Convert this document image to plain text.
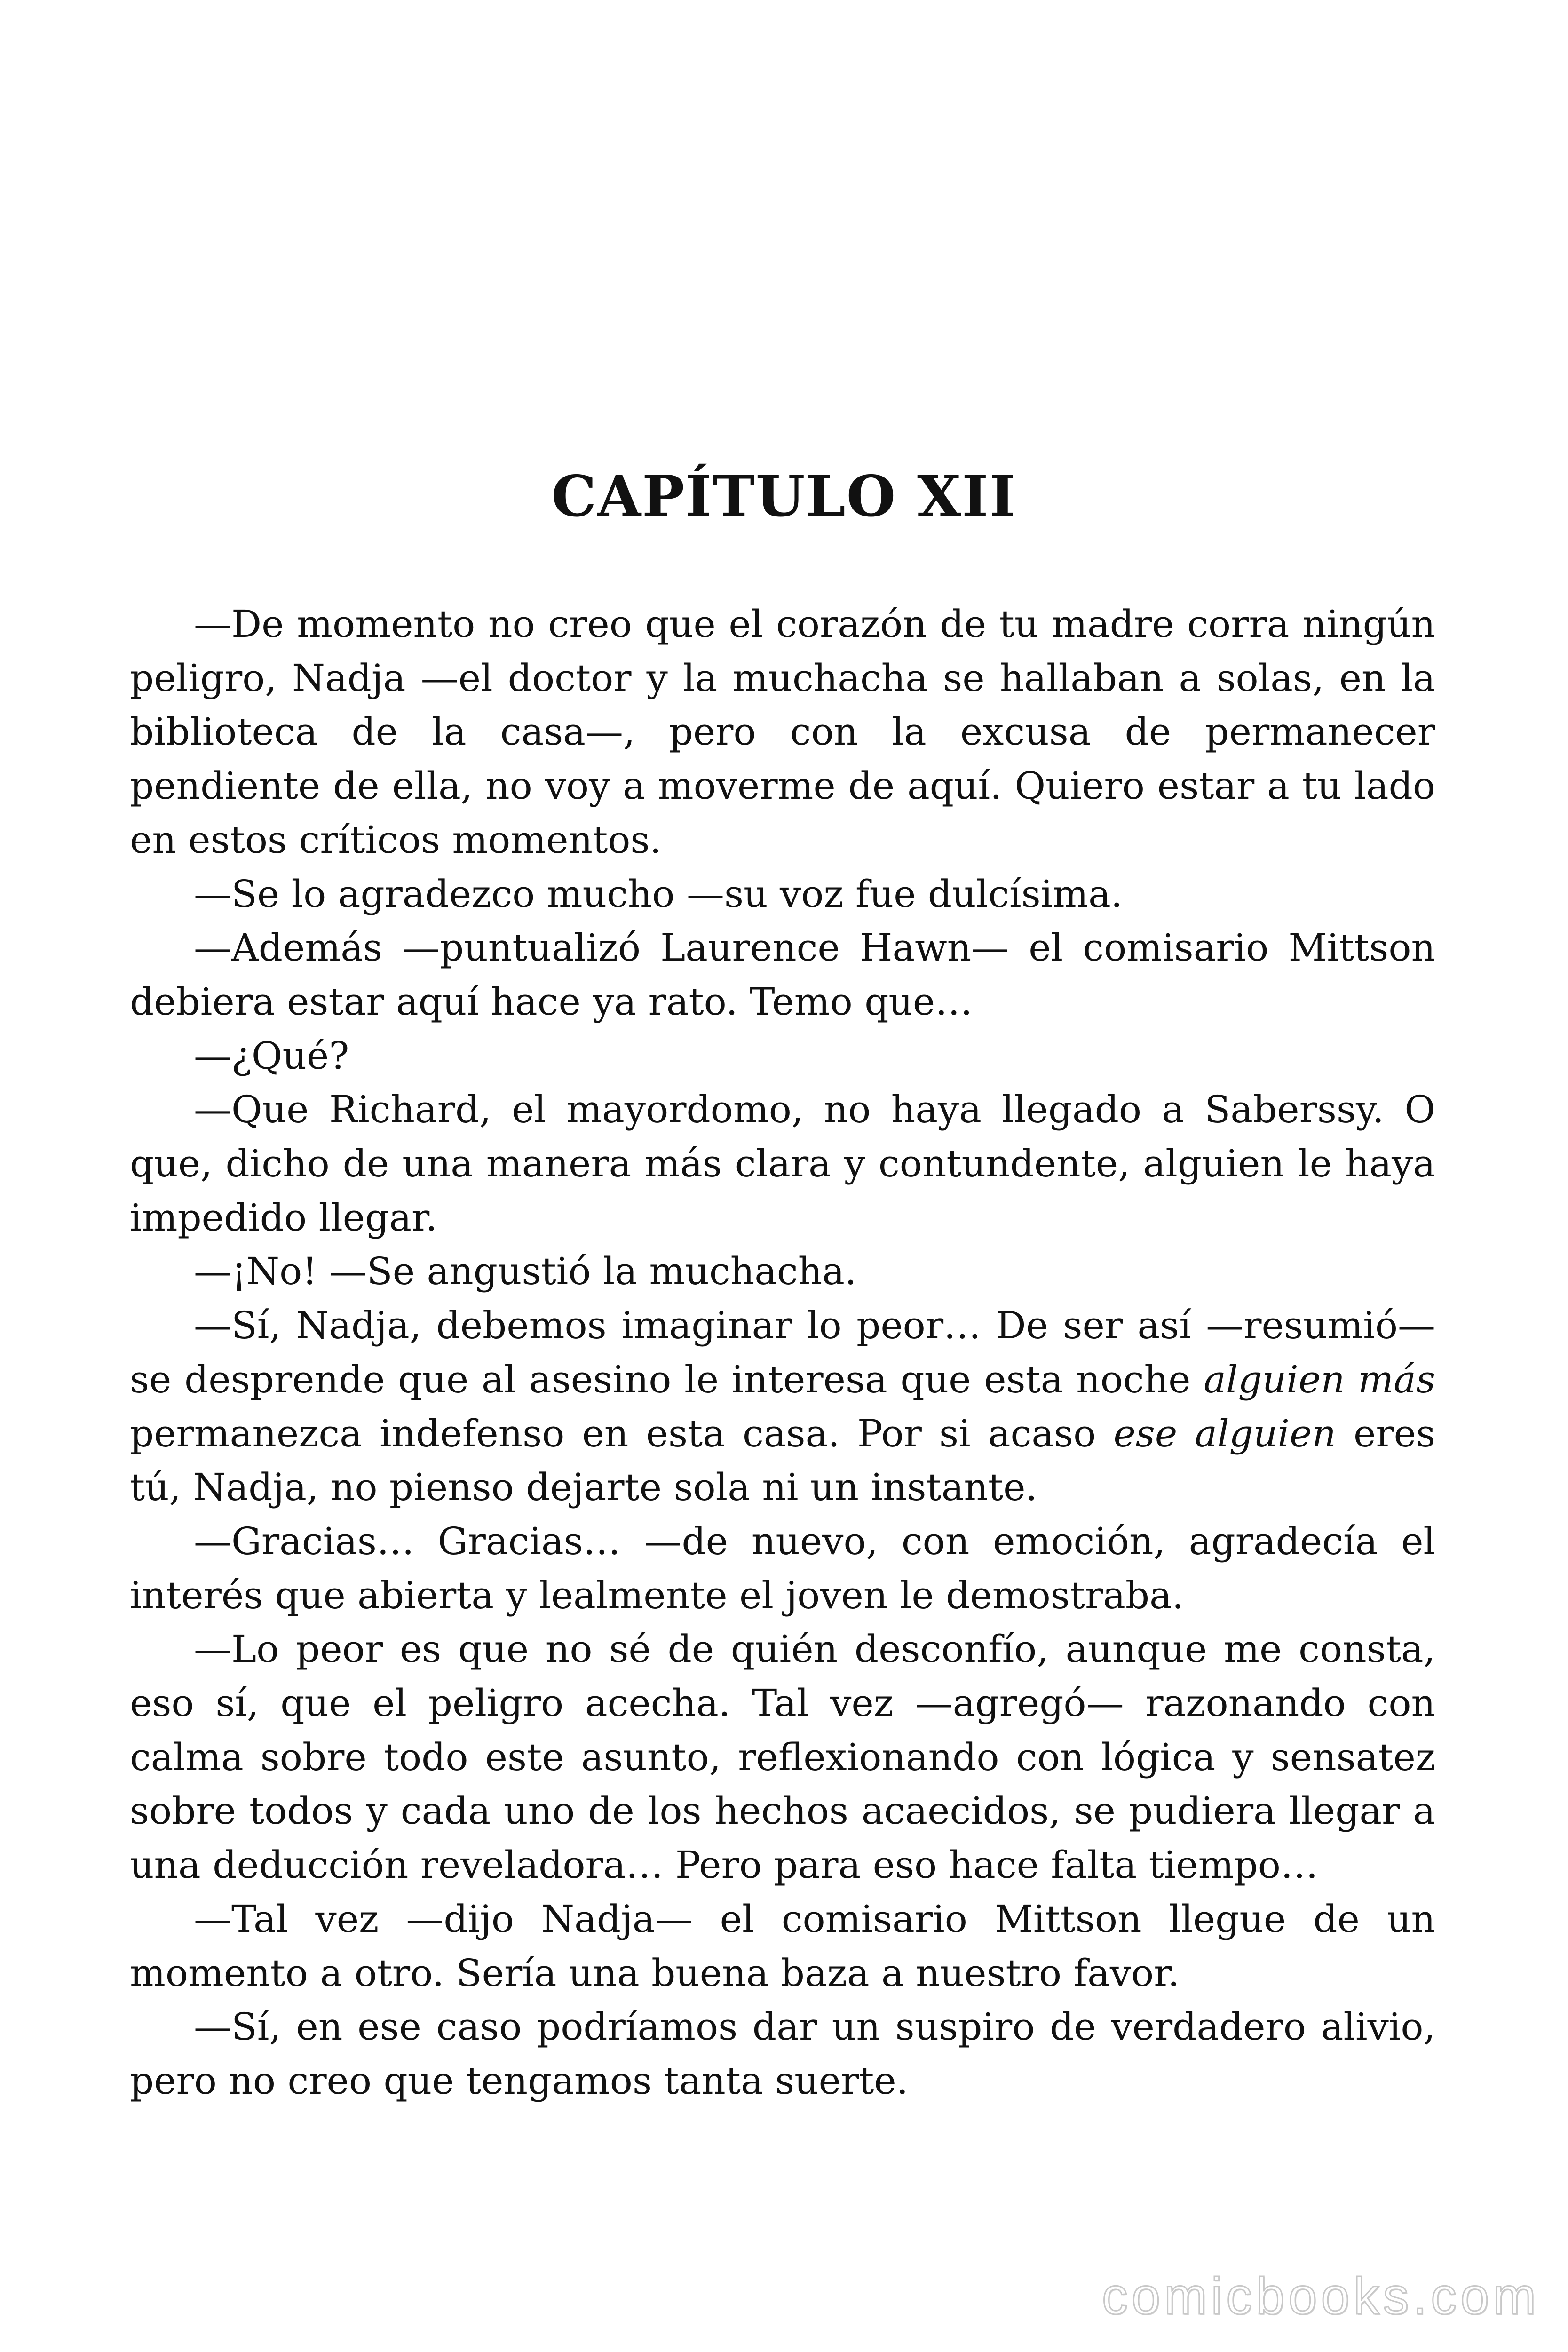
CAPÍTULO XII

—De momento no creo que el corazón de tu madre corra ningún peligro, Nadja —el doctor y la muchacha se hallaban a solas, en la biblioteca de la casa—, pero con la excusa de permanecer pendiente de ella, no voy a moverme de aquí. Quiero estar a tu lado en estos críticos momentos.

—Se lo agradezco mucho —su voz fue dulcísima.

—Además —puntualizó Laurence Hawn— el comisario Mittson debiera estar aquí hace ya rato. Temo que…

—¿Qué?

—Que Richard, el mayordomo, no haya llegado a Saberssy. O que, dicho de una manera más clara y contundente, alguien le haya impedido llegar.

—¡No! —Se angustió la muchacha.

—Sí, Nadja, debemos imaginar lo peor… De ser así —resumió— se desprende que al asesino le interesa que esta noche alguien más permanezca indefenso en esta casa. Por si acaso ese alguien eres tú, Nadja, no pienso dejarte sola ni un instante.

—Gracias… Gracias… —de nuevo, con emoción, agradecía el interés que abierta y lealmente el joven le demostraba.

—Lo peor es que no sé de quién desconfío, aunque me consta, eso sí, que el peligro acecha. Tal vez —agregó— razonando con calma sobre todo este asunto, reflexionando con lógica y sensatez sobre todos y cada uno de los hechos acaecidos, se pudiera llegar a una deducción reveladora… Pero para eso hace falta tiempo…

—Tal vez —dijo Nadja— el comisario Mittson llegue de un momento a otro. Sería una buena baza a nuestro favor.

—Sí, en ese caso podríamos dar un suspiro de verdadero alivio, pero no creo que tengamos tanta suerte.

comicbooks.com
